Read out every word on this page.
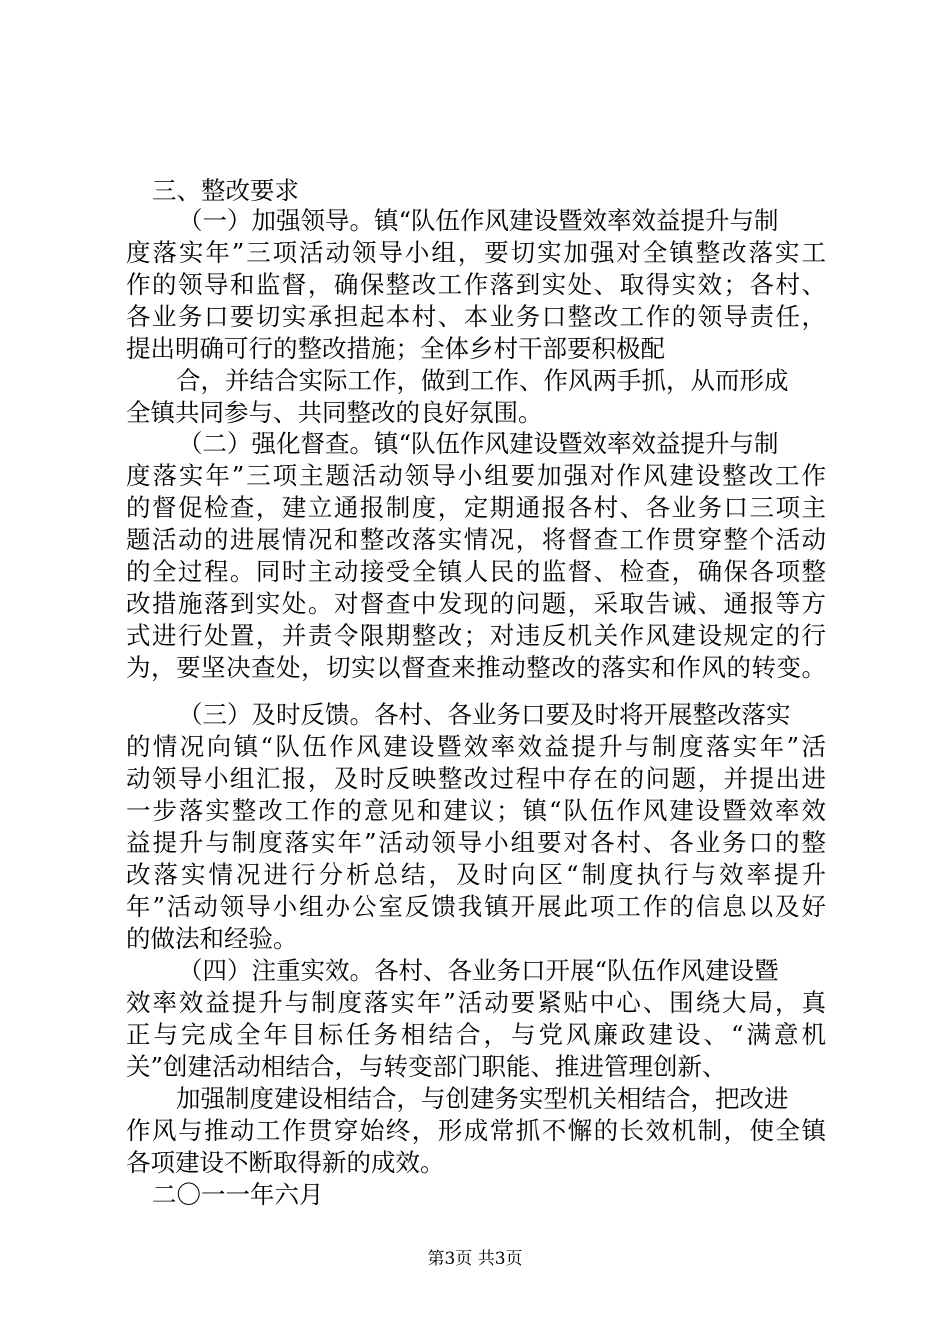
三、整改要求
（一）加强领导。镇“队伍作风建设暨效率效益提升与制
度落实年”三项活动领导小组，要切实加强对全镇整改落实工
作的领导和监督，确保整改工作落到实处、取得实效；各村、
各业务口要切实承担起本村、本业务口整改工作的领导责任，
提出明确可行的整改措施；全体乡村干部要积极配
合，并结合实际工作，做到工作、作风两手抓，从而形成
全镇共同参与、共同整改的良好氛围。
（二）强化督查。镇“队伍作风建设暨效率效益提升与制
度落实年”三项主题活动领导小组要加强对作风建设整改工作
的督促检查，建立通报制度，定期通报各村、各业务口三项主
题活动的进展情况和整改落实情况，将督查工作贯穿整个活动
的全过程。同时主动接受全镇人民的监督、检查，确保各项整
改措施落到实处。对督查中发现的问题，采取告诫、通报等方
式进行处置，并责令限期整改；对违反机关作风建设规定的行
为，要坚决查处，切实以督查来推动整改的落实和作风的转变。
（三）及时反馈。各村、各业务口要及时将开展整改落实
的情况向镇“队伍作风建设暨效率效益提升与制度落实年”活
动领导小组汇报，及时反映整改过程中存在的问题，并提出进
一步落实整改工作的意见和建议；镇“队伍作风建设暨效率效
益提升与制度落实年”活动领导小组要对各村、各业务口的整
改落实情况进行分析总结，及时向区“制度执行与效率提升
年”活动领导小组办公室反馈我镇开展此项工作的信息以及好
的做法和经验。
（四）注重实效。各村、各业务口开展“队伍作风建设暨
效率效益提升与制度落实年”活动要紧贴中心、围绕大局，真
正与完成全年目标任务相结合，与党风廉政建设、“满意机
关”创建活动相结合，与转变部门职能、推进管理创新、
加强制度建设相结合，与创建务实型机关相结合，把改进
作风与推动工作贯穿始终，形成常抓不懈的长效机制，使全镇
各项建设不断取得新的成效。
二〇一一年六月
第3页 共3页
